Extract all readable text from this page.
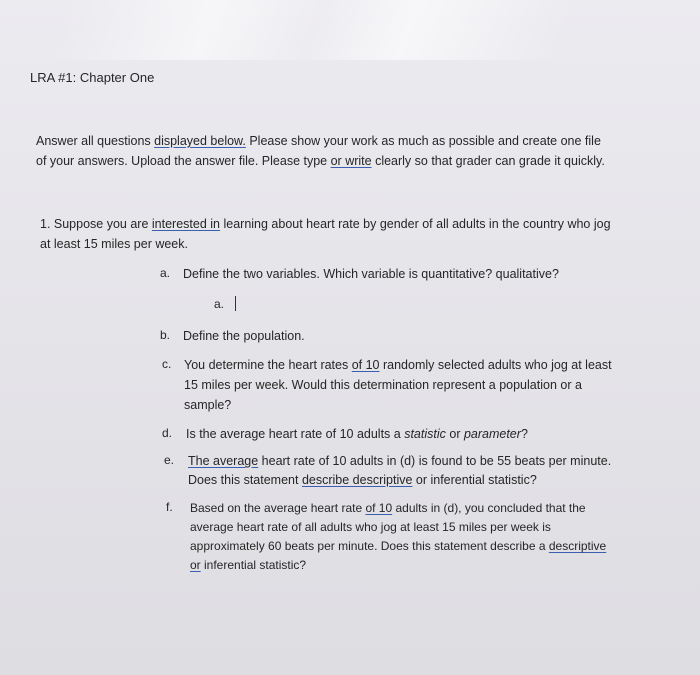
LRA #1: Chapter One
Answer all questions displayed below. Please show your work as much as possible and create one file
of your answers. Upload the answer file. Please type or write clearly so that grader can grade it quickly.
1. Suppose you are interested in learning about heart rate by gender of all adults in the country who jog
at least 15 miles per week.
a. Define the two variables. Which variable is quantitative? qualitative?
a.
b. Define the population.
c. You determine the heart rates of 10 randomly selected adults who jog at least
15 miles per week. Would this determination represent a population or a
sample?
d. Is the average heart rate of 10 adults a statistic or parameter?
e. The average heart rate of 10 adults in (d) is found to be 55 beats per minute.
Does this statement describe descriptive or inferential statistic?
f. Based on the average heart rate of 10 adults in (d), you concluded that the
average heart rate of all adults who jog at least 15 miles per week is
approximately 60 beats per minute. Does this statement describe a descriptive
or inferential statistic?
